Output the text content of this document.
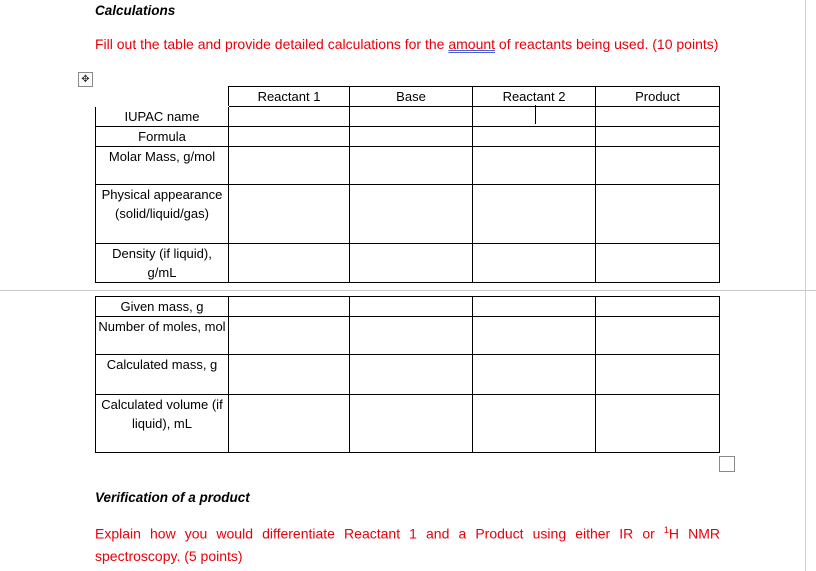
Calculations

Fill out the table and provide detailed calculations for the amount of reactants being used. (10 points)

✥
	Reactant 1	Base	Reactant 2	Product
IUPAC name				
Formula				
Molar Mass, g/mol				
Physical appearance (solid/liquid/gas)				
Density (if liquid), g/mL				
Given mass, g				
Number of moles, mol				
Calculated mass, g				
Calculated volume (if liquid), mL				

Verification of a product

Explain how you would differentiate Reactant 1 and a Product using either IR or $^1$H NMR spectroscopy. (5 points)
